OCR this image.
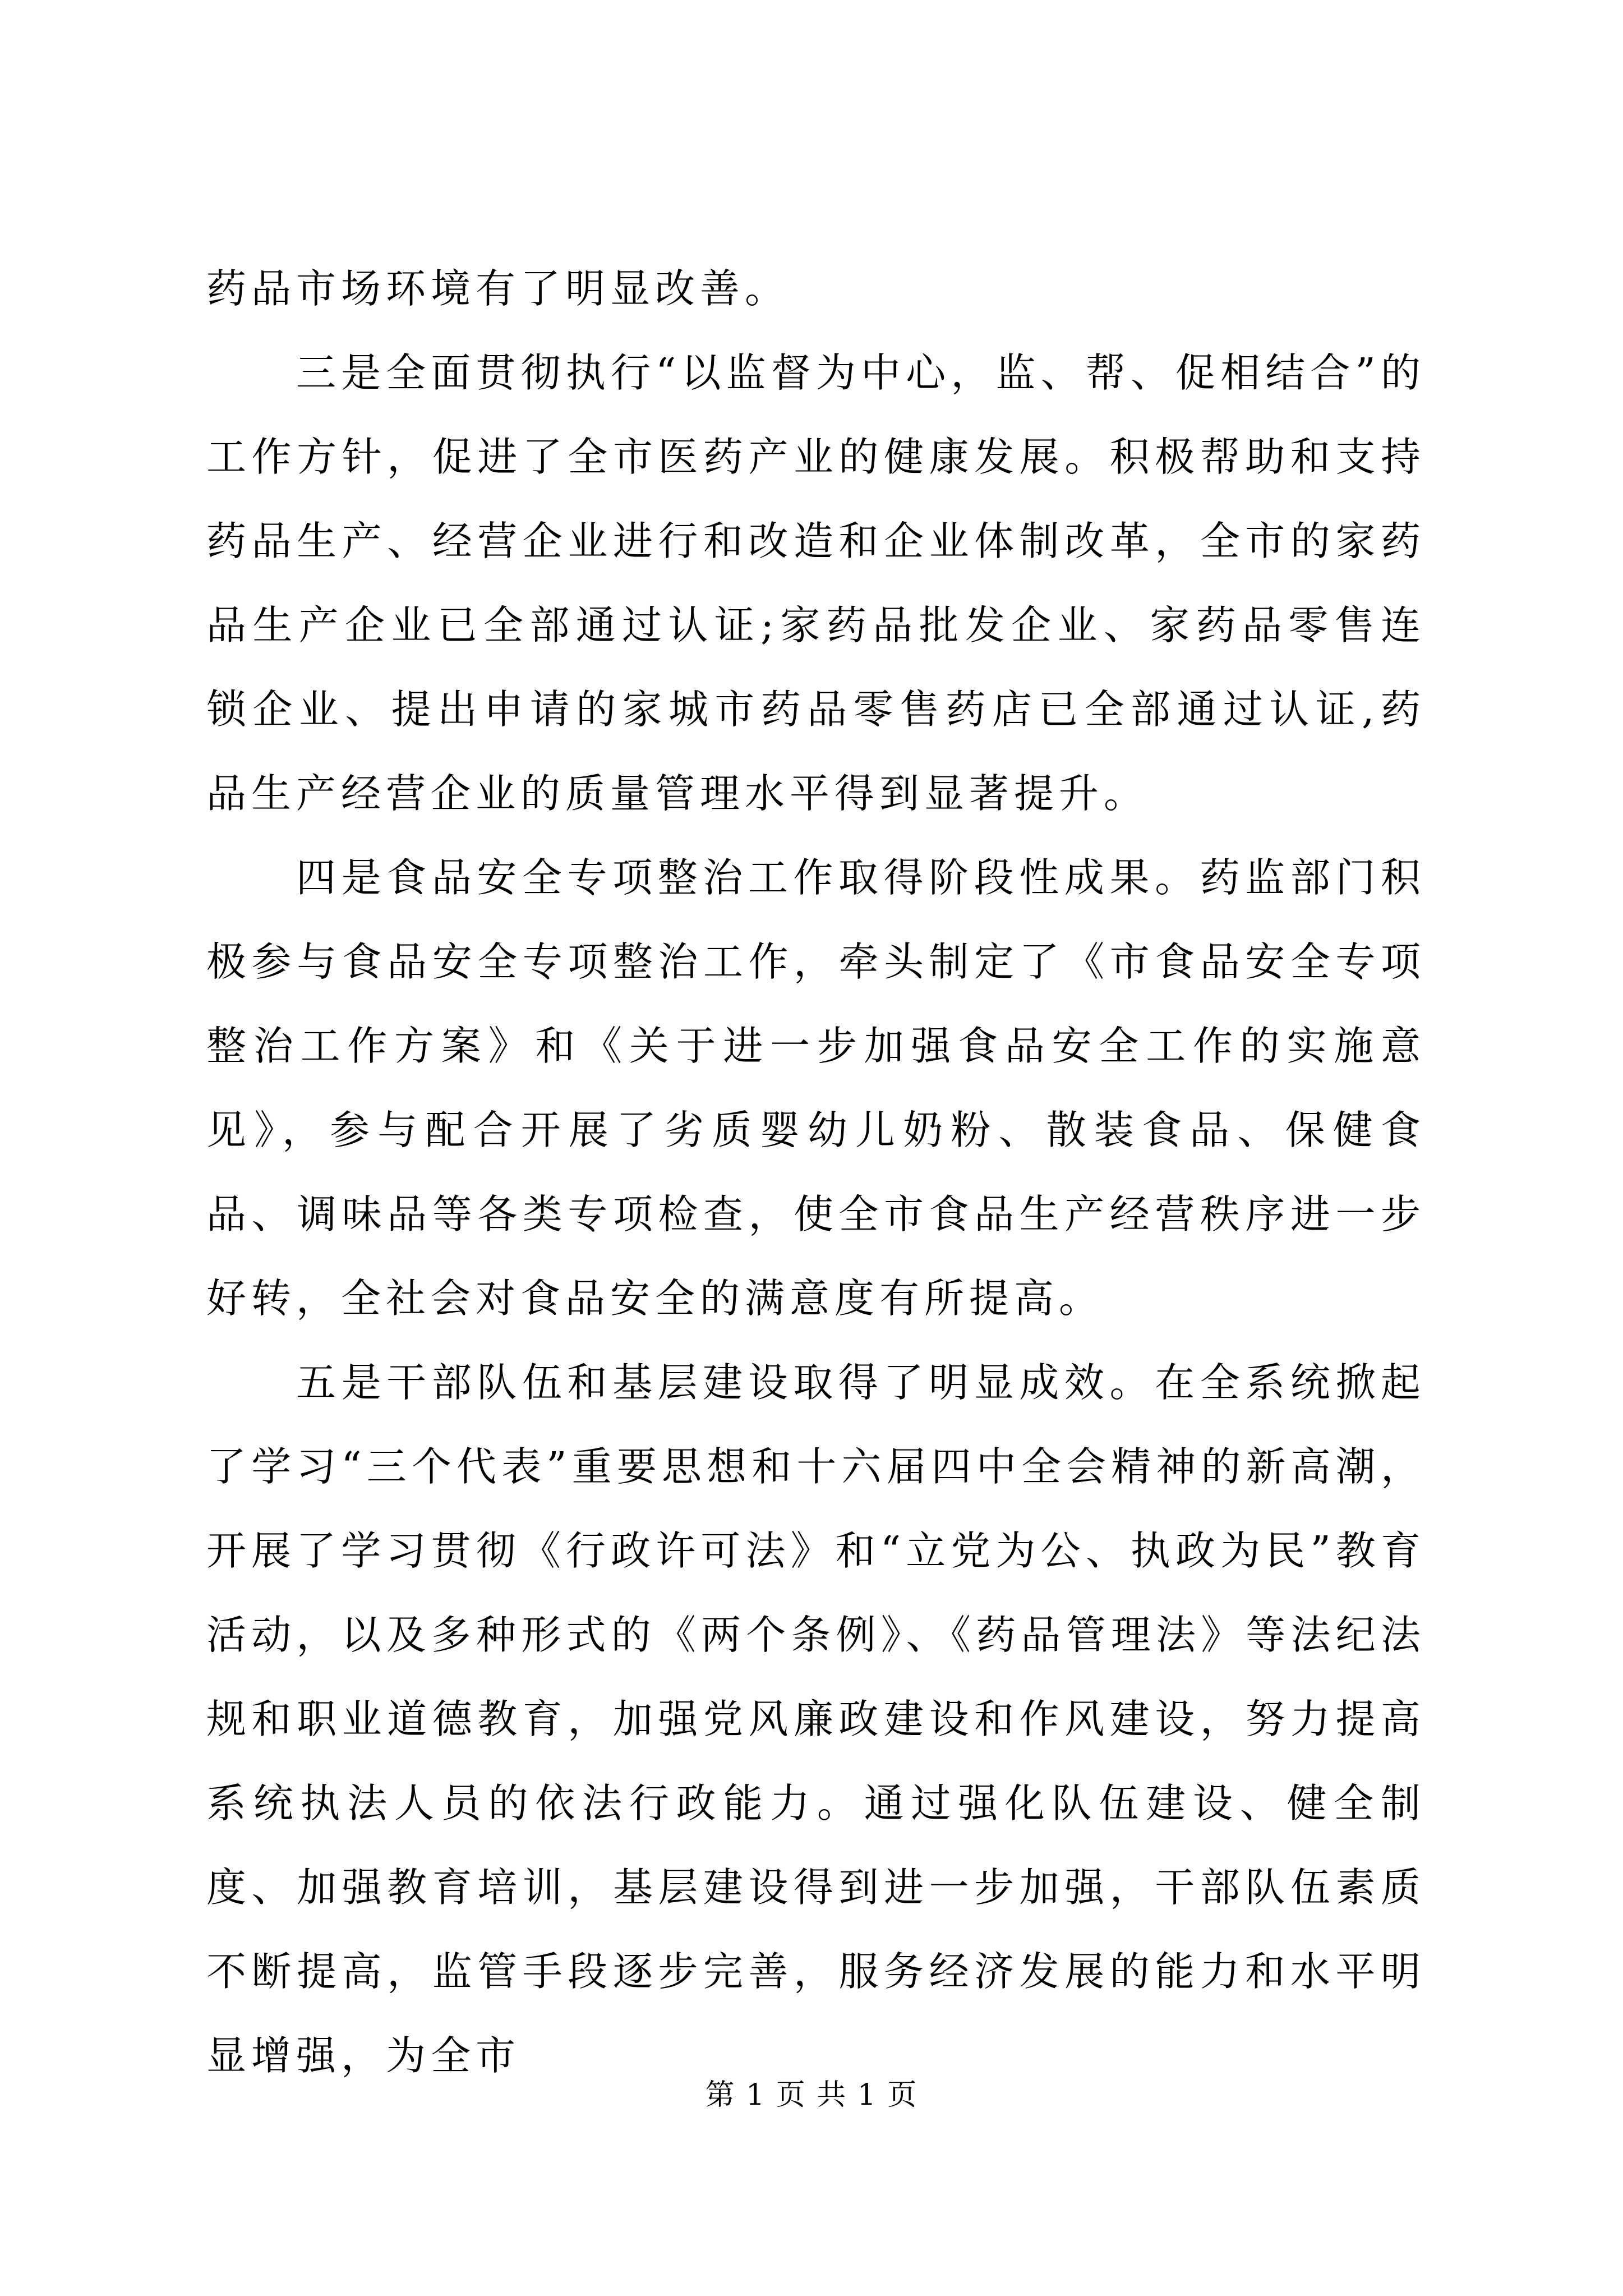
药品市场环境有了明显改善。

三是全面贯彻执行“以监督为中心，监、帮、促相结合”的工作方针，促进了全市医药产业的健康发展。积极帮助和支持药品生产、经营企业进行和改造和企业体制改革，全市的家药品生产企业已全部通过认证;家药品批发企业、家药品零售连锁企业、提出申请的家城市药品零售药店已全部通过认证,药品生产经营企业的质量管理水平得到显著提升。

四是食品安全专项整治工作取得阶段性成果。药监部门积极参与食品安全专项整治工作，牵头制定了《市食品安全专项整治工作方案》和《关于进一步加强食品安全工作的实施意见》，参与配合开展了劣质婴幼儿奶粉、散装食品、保健食品、调味品等各类专项检查，使全市食品生产经营秩序进一步好转，全社会对食品安全的满意度有所提高。

五是干部队伍和基层建设取得了明显成效。在全系统掀起了学习“三个代表”重要思想和十六届四中全会精神的新高潮，开展了学习贯彻《行政许可法》和“立党为公、执政为民”教育活动，以及多种形式的《两个条例》、《药品管理法》等法纪法规和职业道德教育，加强党风廉政建设和作风建设，努力提高系统执法人员的依法行政能力。通过强化队伍建设、健全制度、加强教育培训，基层建设得到进一步加强，干部队伍素质不断提高，监管手段逐步完善，服务经济发展的能力和水平明显增强，为全市

第 1 页 共 1 页
